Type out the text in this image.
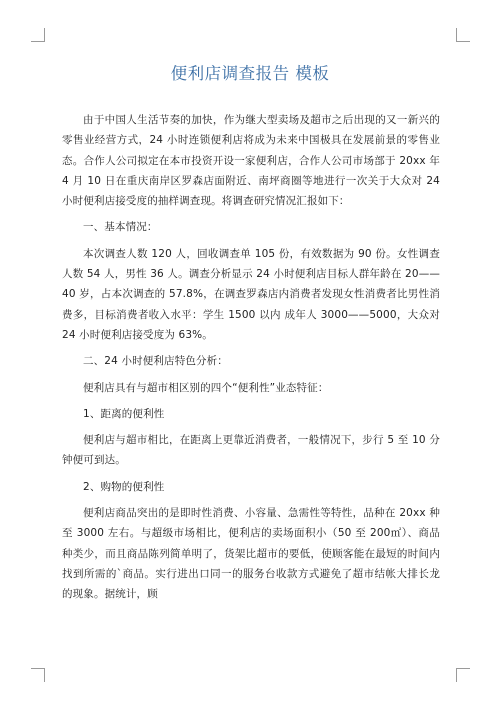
便利店调查报告 模板

由于中国人生活节奏的加快，作为继大型卖场及超市之后出现的又一新兴的零售业经营方式，24 小时连锁便利店将成为未来中国极具在发展前景的零售业态。合作人公司拟定在本市投资开设一家便利店，合作人公司市场部于 20xx 年 4 月 10 日在重庆南岸区罗森店面附近、南坪商圈等地进行一次关于大众对 24 小时便利店接受度的抽样调查现。将调查研究情况汇报如下：

一、基本情况：

本次调查人数 120 人，回收调查单 105 份，有效数据为 90 份。女性调查人数 54 人，男性 36 人。调查分析显示 24 小时便利店目标人群年龄在 20——40 岁，占本次调查的 57.8%，在调查罗森店内消费者发现女性消费者比男性消费多，目标消费者收入水平：学生 1500 以内 成年人 3000——5000，大众对 24 小时便利店接受度为 63%。

二、24 小时便利店特色分析：

便利店具有与超市相区别的四个“便利性”业态特征：

1、距离的便利性

便利店与超市相比，在距离上更靠近消费者，一般情况下，步行 5 至 10 分钟便可到达。

2、购物的便利性

便利店商品突出的是即时性消费、小容量、急需性等特性，品种在 20xx 种至 3000 左右。与超级市场相比，便利店的卖场面积小（50 至 200㎡）、商品种类少，而且商品陈列简单明了，货架比超市的要低，使顾客能在最短的时间内找到所需的`商品。实行进出口同一的服务台收款方式避免了超市结帐大排长龙的现象。据统计，顾
